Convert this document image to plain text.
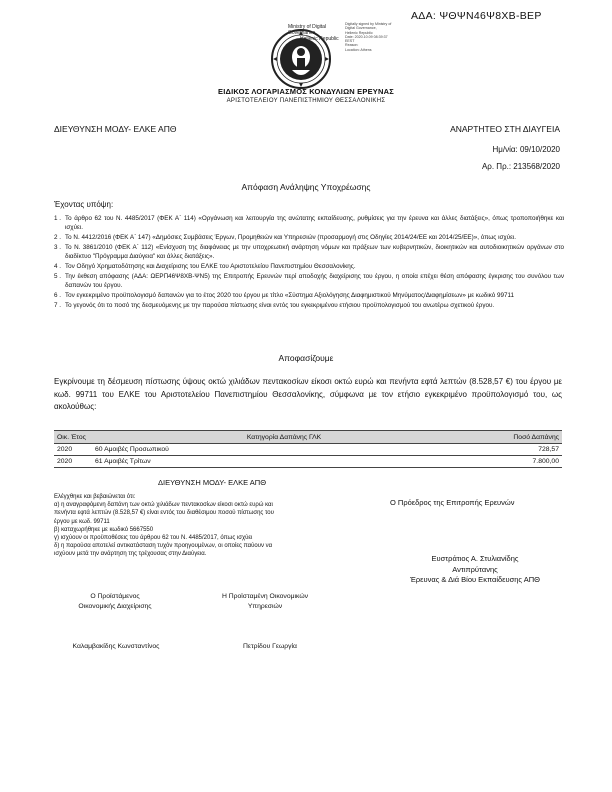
ΑΔΑ: ΨΘΨΝ46Ψ8ΧΒ-ΒΕΡ
Digitally signed by Ministry of
Digital Governance,
Hellenic Republic
Date: 2020.10.09 08:39:37
EEST
Reason:
Location: Athens
Ministry of Digital
Governance
Hellenic Republic
ΕΙΔΙΚΟΣ ΛΟΓΑΡΙΑΣΜΟΣ ΚΟΝΔΥΛΙΩΝ ΕΡΕΥΝΑΣ
ΑΡΙΣΤΟΤΕΛΕΙΟΥ ΠΑΝΕΠΙΣΤΗΜΙΟΥ ΘΕΣΣΑΛΟΝΙΚΗΣ
ΔΙΕΥΘΥΝΣΗ ΜΟΔΥ- ΕΛΚΕ ΑΠΘ	ΑΝΑΡΤΗΤΕΟ ΣΤΗ ΔΙΑΥΓΕΙΑ
Ημ/νία: 09/10/2020
Αρ. Πρ.: 213568/2020
Απόφαση Ανάληψης Υποχρέωσης
Έχοντας υπόψη:
1 . Το άρθρο 62 του Ν. 4485/2017 (ΦΕΚ Α΄ 114) «Οργάνωση και λειτουργία της ανώτατης εκπαίδευσης, ρυθμίσεις για την έρευνα και άλλες διατάξεις», όπως τροποποιήθηκε και ισχύει.
2 . Το Ν. 4412/2016 (ΦΕΚ Α΄ 147) «Δημόσιες Συμβάσεις Έργων, Προμηθειών και Υπηρεσιών (προσαρμογή στις Οδηγίες 2014/24/ΕΕ και 2014/25/ΕΕ)», όπως ισχύει.
3 . Το Ν. 3861/2010 (ΦΕΚ Α΄ 112) «Ενίσχυση της διαφάνειας με την υποχρεωτική ανάρτηση νόμων και πράξεων των κυβερνητικών, διοικητικών και αυτοδιοικητικών οργάνων στο διαδίκτυο "Πρόγραμμα Διαύγεια" και άλλες διατάξεις».
4 . Τον Οδηγό Χρηματοδότησης και Διαχείρισης του ΕΛΚΕ του Αριστοτελείου Πανεπιστημίου Θεσσαλονίκης.
5 . Την έκθεση απόφασης (ΑΔΑ: ΩΕΡΠ46Ψ8ΧΒ-ΨΝ5) της Επιτροπής Ερευνών περί αποδοχής διαχείρισης του έργου, η οποία επέχει θέση απόφασης έγκρισης του συνόλου των δαπανών του έργου.
6 . Τον εγκεκριμένο προϋπολογισμό δαπανών για το έτος 2020 του έργου με τίτλο «Σύστημα Αξιολόγησης Διαφημιστικού Μηνύματος/Διαφημίσεων» με κωδικό 99711
7 . Το γεγονός ότι το ποσό της δεσμευόμενης με την παρούσα πίστωσης είναι εντός του εγκεκριμένου ετήσιου προϋπολογισμού του ανωτέρω σχετικού έργου.
Αποφασίζουμε
Εγκρίνουμε τη δέσμευση πίστωσης ύψους οκτώ χιλιάδων πεντακοσίων είκοσι οκτώ ευρώ και πενήντα εφτά λεπτών (8.528,57 €) του έργου με κωδ. 99711 του ΕΛΚΕ του Αριστοτελείου Πανεπιστημίου Θεσσαλονίκης, σύμφωνα με τον ετήσιο εγκεκριμένο προϋπολογισμό του, ως ακολούθως:
Οικ. Έτος	Κατηγορία Δαπάνης ΓΛΚ	Ποσό Δαπάνης
2020	60 Αμοιβές Προσωπικού	728,57
2020	61 Αμοιβές Τρίτων	7.800,00
ΔΙΕΥΘΥΝΣΗ ΜΟΔΥ- ΕΛΚΕ ΑΠΘ
Ελέγχθηκε και βεβαιώνεται ότι:
α) η αναγραφόμενη δαπάνη των οκτώ χιλιάδων πεντακοσίων είκοσι οκτώ ευρώ και
πενήντα εφτά λεπτών (8.528,57 €) είναι εντός του διαθέσιμου ποσού πίστωσης του
έργου με κωδ. 99711
β) καταχωρήθηκε με κωδικό 5667550
γ) ισχύουν οι προϋποθέσεις του άρθρου 62 του Ν. 4485/2017, όπως ισχύει
δ) η παρούσα αποτελεί αντικατάσταση τυχόν προηγουμένων, οι οποίες παύουν να
ισχύουν μετά την ανάρτηση της τρέχουσας στην Διαύγεια.
Ο Πρόεδρος της Επιτροπής Ερευνών
Ευστράτιος Α. Στυλιανίδης
Αντιπρύτανης
Έρευνας & Διά Βίου Εκπαίδευσης ΑΠΘ
Ο Προϊστάμενος
Οικονομικής Διαχείρισης
Η Προϊσταμένη Οικονομικών
Υπηρεσιών
Καλαμβακίδης Κωνσταντίνος	Πετρίδου Γεωργία
